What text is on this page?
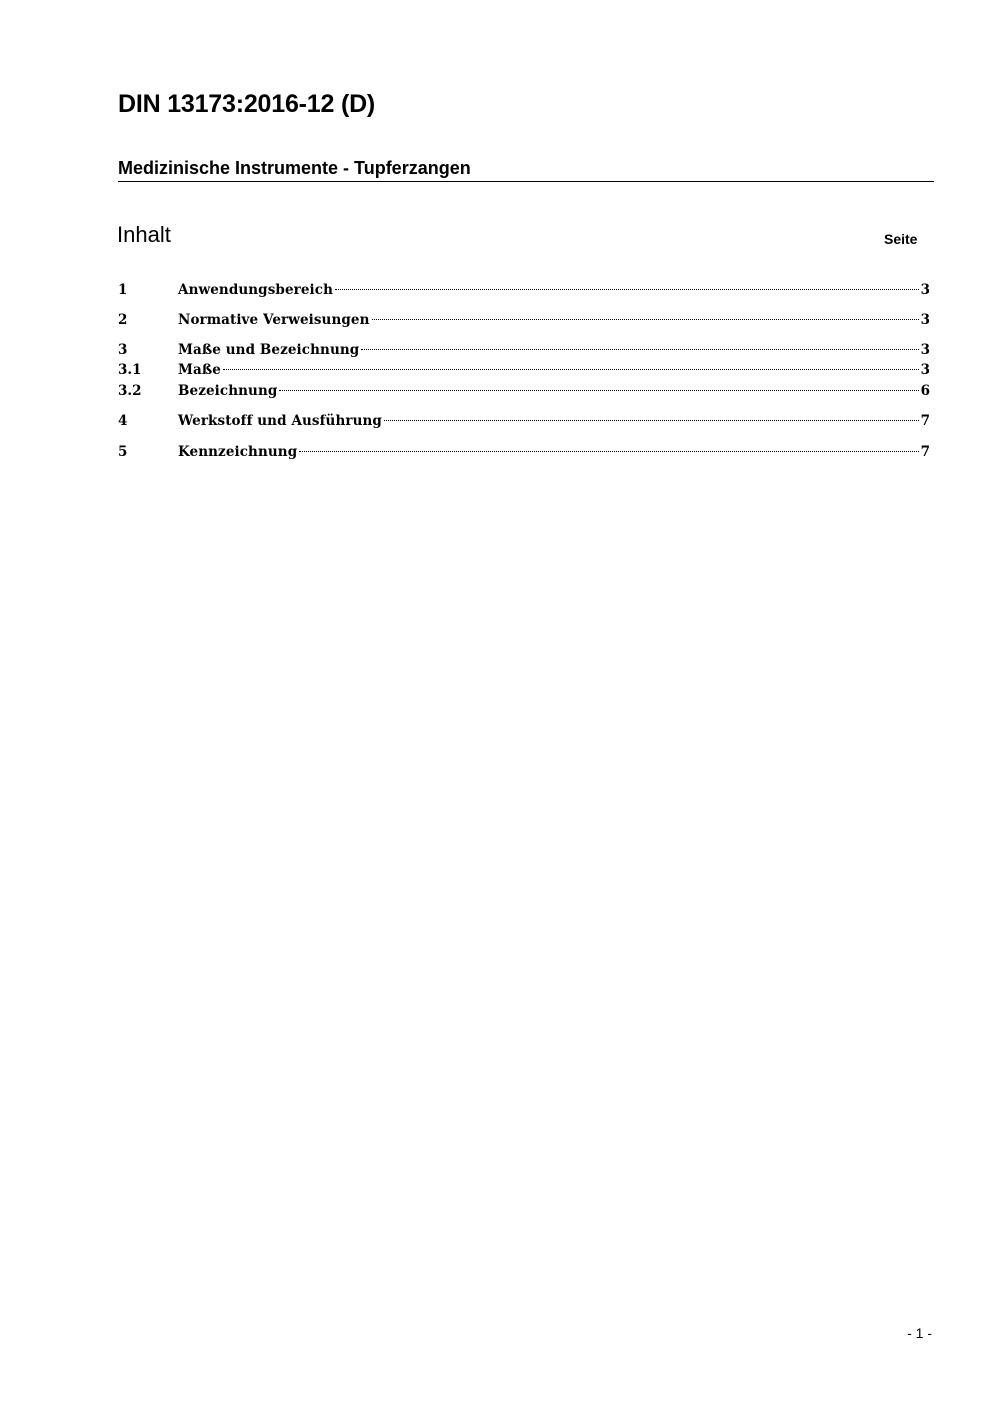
DIN 13173:2016-12 (D)
Medizinische Instrumente - Tupferzangen
Inhalt	Seite
1	Anwendungsbereich	3
2	Normative Verweisungen	3
3	Maße und Bezeichnung	3
3.1	Maße	3
3.2	Bezeichnung	6
4	Werkstoff und Ausführung	7
5	Kennzeichnung	7
- 1 -
